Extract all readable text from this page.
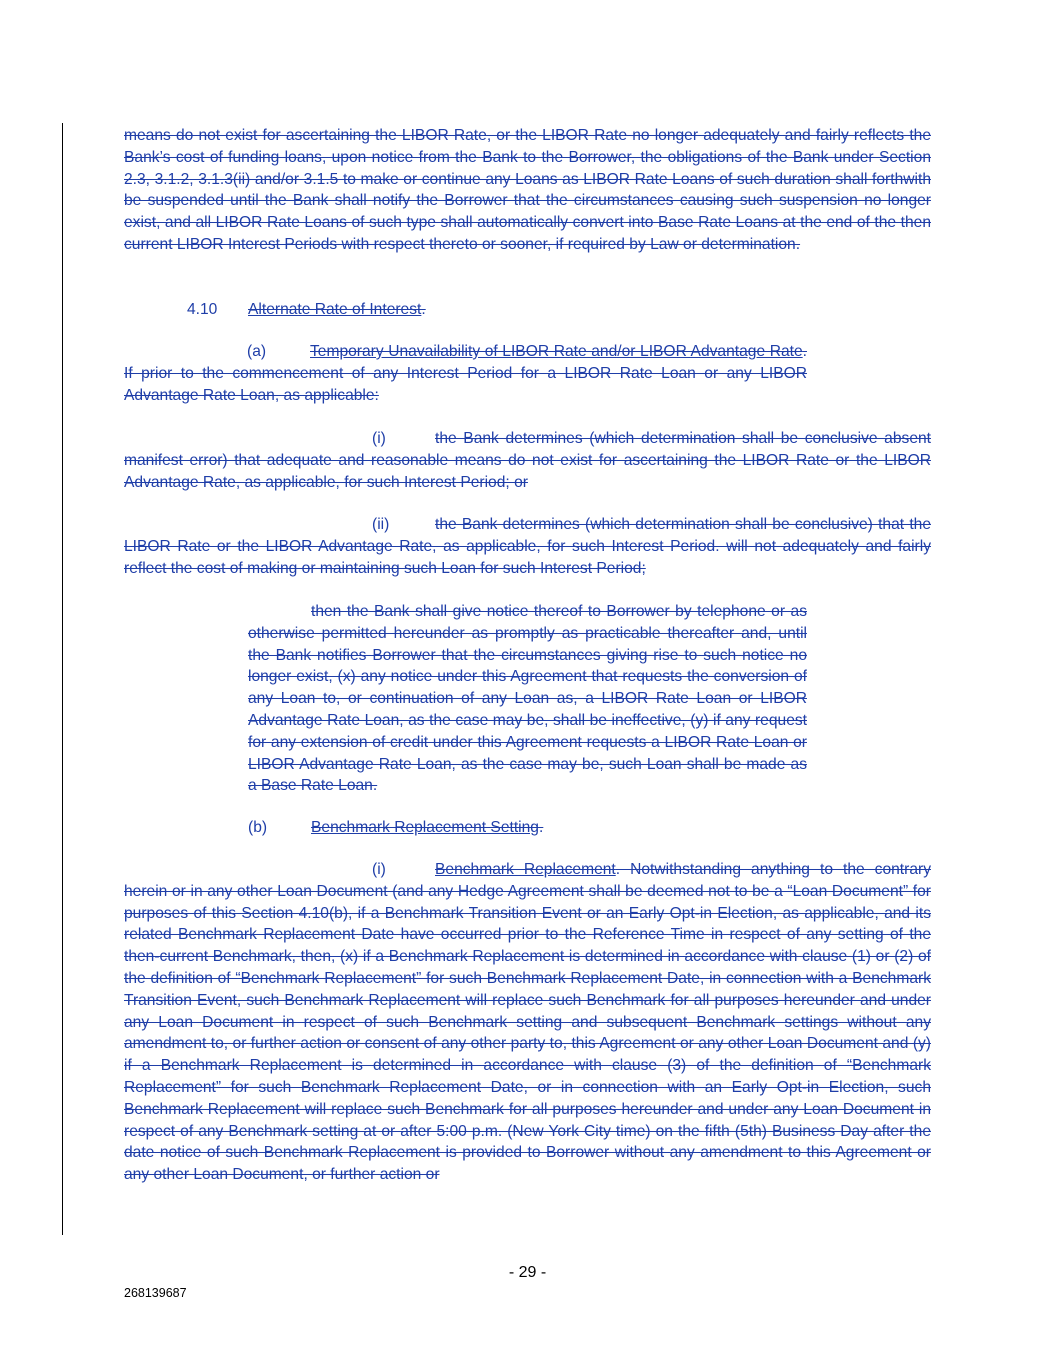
means do not exist for ascertaining the LIBOR Rate, or the LIBOR Rate no longer adequately and fairly reflects the Bank’s cost of funding loans, upon notice from the Bank to the Borrower, the obligations of the Bank under Section 2.3, 3.1.2, 3.1.3(ii) and/or 3.1.5 to make or continue any Loans as LIBOR Rate Loans of such duration shall forthwith be suspended until the Bank shall notify the Borrower that the circumstances causing such suspension no longer exist, and all LIBOR Rate Loans of such type shall automatically convert into Base Rate Loans at the end of the then current LIBOR Interest Periods with respect thereto or sooner, if required by Law or determination.

4.10 Alternate Rate of Interest.

(a)	Temporary Unavailability of LIBOR Rate and/or LIBOR Advantage Rate. If prior to the commencement of any Interest Period for a LIBOR Rate Loan or any LIBOR Advantage Rate Loan, as applicable:

(i)	the Bank determines (which determination shall be conclusive absent manifest error) that adequate and reasonable means do not exist for ascertaining the LIBOR Rate or the LIBOR Advantage Rate, as applicable, for such Interest Period; or

(ii)	the Bank determines (which determination shall be conclusive) that the LIBOR Rate or the LIBOR Advantage Rate, as applicable, for such Interest Period. will not adequately and fairly reflect the cost of making or maintaining such Loan for such Interest Period;

then the Bank shall give notice thereof to Borrower by telephone or as otherwise permitted hereunder as promptly as practicable thereafter and, until the Bank notifies Borrower that the circumstances giving rise to such notice no longer exist, (x) any notice under this Agreement that requests the conversion of any Loan to, or continuation of any Loan as, a LIBOR Rate Loan or LIBOR Advantage Rate Loan, as the case may be, shall be ineffective, (y) if any request for any extension of credit under this Agreement requests a LIBOR Rate Loan or LIBOR Advantage Rate Loan, as the case may be, such Loan shall be made as a Base Rate Loan.

(b)	Benchmark Replacement Setting.

(i)	Benchmark Replacement. Notwithstanding anything to the contrary herein or in any other Loan Document (and any Hedge Agreement shall be deemed not to be a “Loan Document” for purposes of this Section 4.10(b), if a Benchmark Transition Event or an Early Opt-in Election, as applicable, and its related Benchmark Replacement Date have occurred prior to the Reference Time in respect of any setting of the then-current Benchmark, then, (x) if a Benchmark Replacement is determined in accordance with clause (1) or (2) of the definition of “Benchmark Replacement” for such Benchmark Replacement Date, in connection with a Benchmark Transition Event, such Benchmark Replacement will replace such Benchmark for all purposes hereunder and under any Loan Document in respect of such Benchmark setting and subsequent Benchmark settings without any amendment to, or further action or consent of any other party to, this Agreement or any other Loan Document and (y) if a Benchmark Replacement is determined in accordance with clause (3) of the definition of “Benchmark Replacement” for such Benchmark Replacement Date, or in connection with an Early Opt-in Election, such Benchmark Replacement will replace such Benchmark for all purposes hereunder and under any Loan Document in respect of any Benchmark setting at or after 5:00 p.m. (New York City time) on the fifth (5th) Business Day after the date notice of such Benchmark Replacement is provided to Borrower without any amendment to this Agreement or any other Loan Document, or further action or

- 29 -
268139687
